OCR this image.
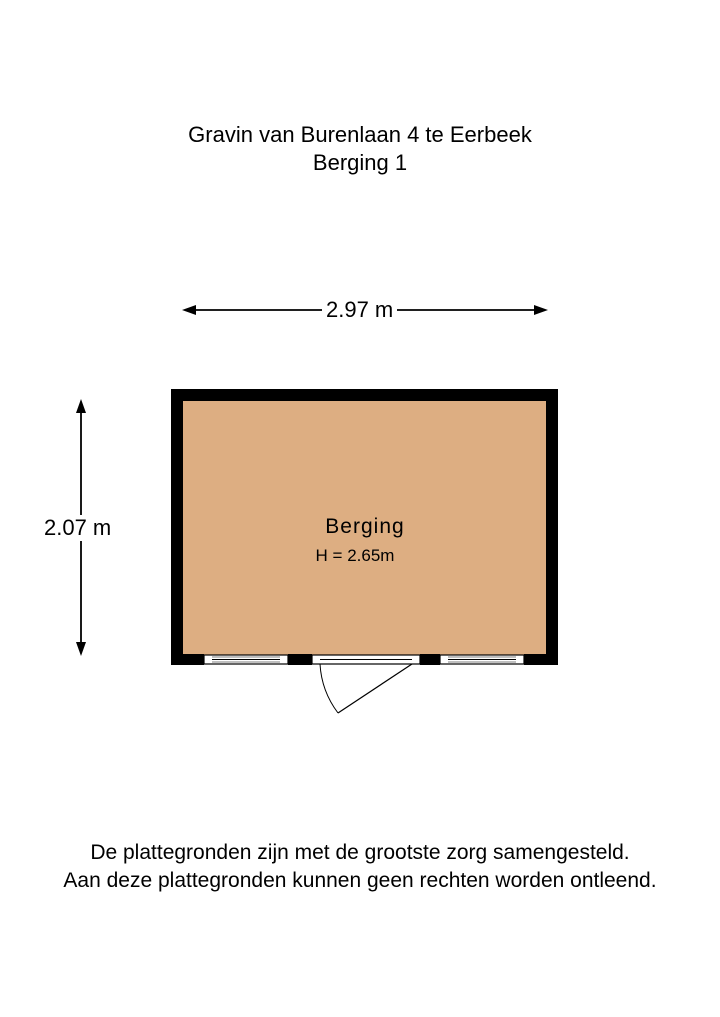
Gravin van Burenlaan 4 te Eerbeek
Berging 1
2.97 m
2.07 m	Berging
H = 2.65m
De plattegronden zijn met de grootste zorg samengesteld.
Aan deze plattegronden kunnen geen rechten worden ontleend.
